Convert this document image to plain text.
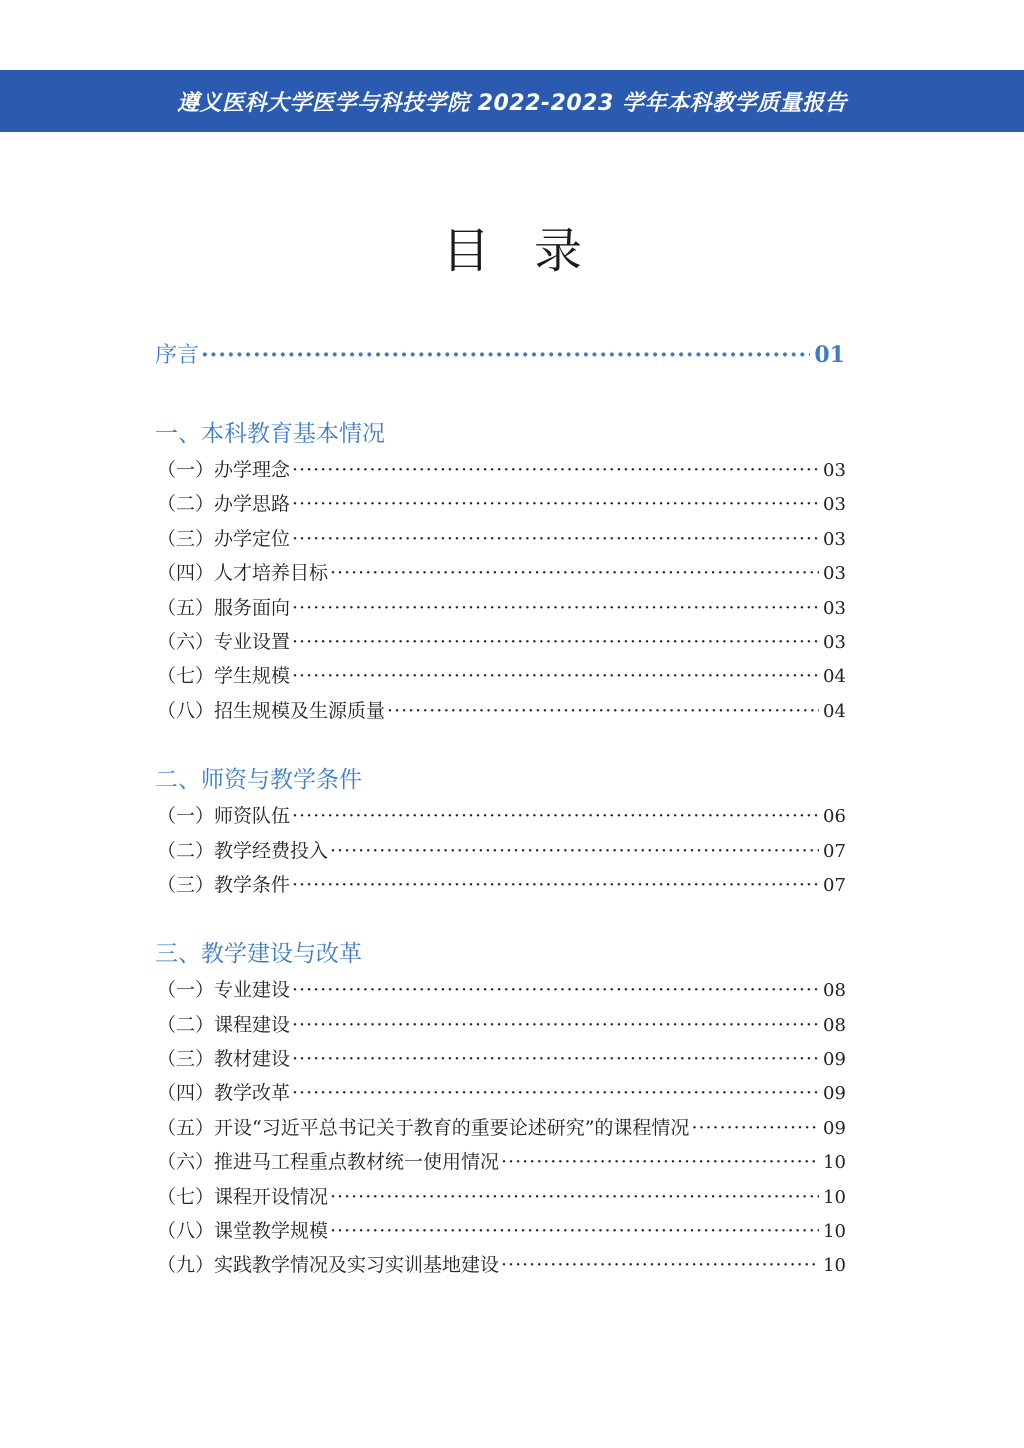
遵义医科大学医学与科技学院 2022-2023 学年本科教学质量报告
目录
序言 ·····	01
一、本科教育基本情况
（一）办学理念 ·····	03
（二）办学思路 ·····	03
（三）办学定位 ·····	03
（四）人才培养目标 ·····	03
（五）服务面向 ·····	03
（六）专业设置 ·····	03
（七）学生规模 ·····	04
（八）招生规模及生源质量 ·····	04
二、师资与教学条件
（一）师资队伍 ·····	06
（二）教学经费投入 ·····	07
（三）教学条件 ·····	07
三、教学建设与改革
（一）专业建设 ·····	08
（二）课程建设 ·····	08
（三）教材建设 ·····	09
（四）教学改革 ·····	09
（五）开设“习近平总书记关于教育的重要论述研究”的课程情况 ·····	09
（六）推进马工程重点教材统一使用情况 ·····	10
（七）课程开设情况 ·····	10
（八）课堂教学规模 ·····	10
（九）实践教学情况及实习实训基地建设 ·····	10
